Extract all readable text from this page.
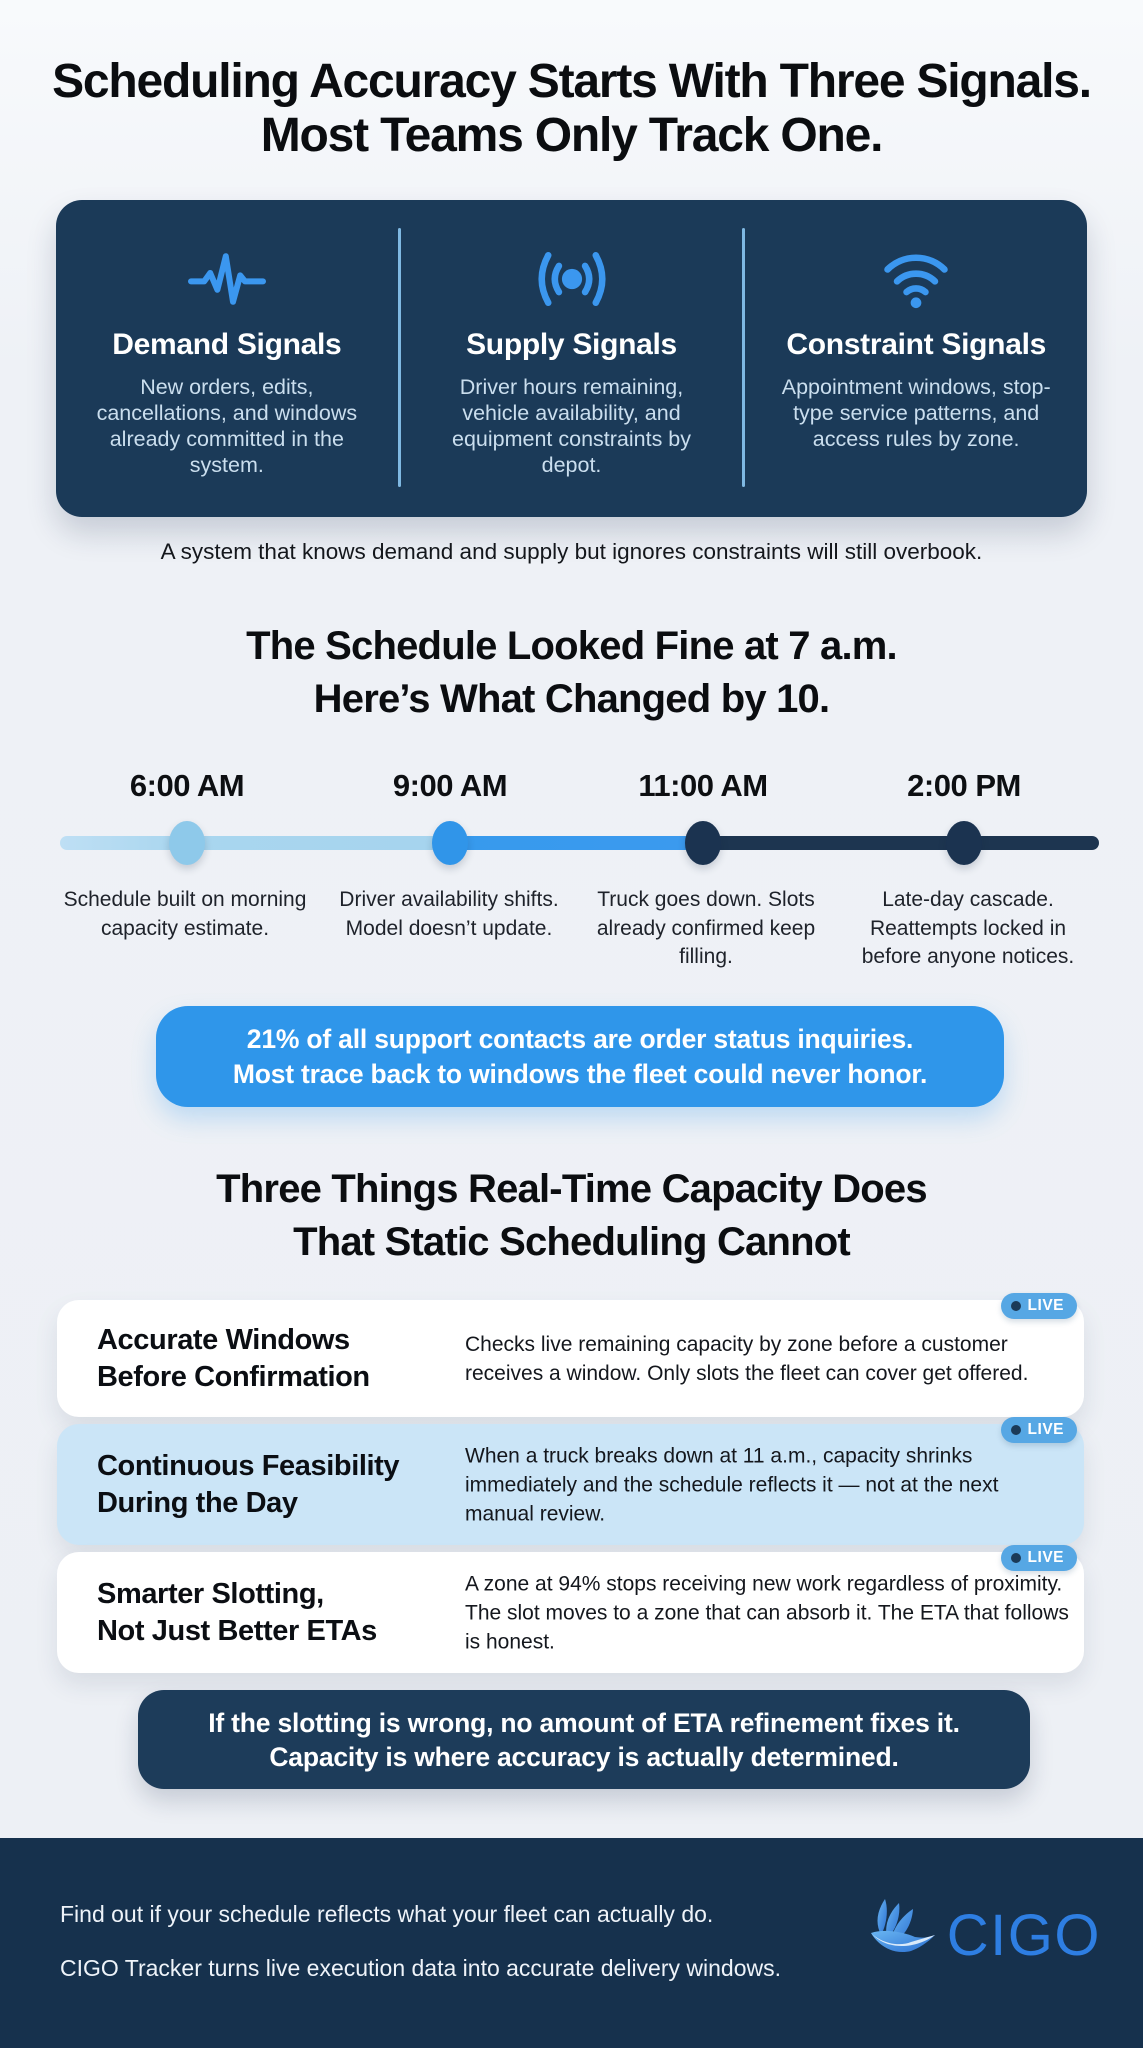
Scheduling Accuracy Starts With Three Signals.
Most Teams Only Track One.
Demand Signals
New orders, edits, cancellations, and windows already committed in the system.
Supply Signals
Driver hours remaining, vehicle availability, and equipment constraints by depot.
Constraint Signals
Appointment windows, stop-type service patterns, and access rules by zone.
A system that knows demand and supply but ignores constraints will still overbook.
The Schedule Looked Fine at 7 a.m.
Here’s What Changed by 10.
6:00 AM	9:00 AM	11:00 AM	2:00 PM
Schedule built on morning capacity estimate.
Driver availability shifts. Model doesn’t update.
Truck goes down. Slots already confirmed keep filling.
Late-day cascade. Reattempts locked in before anyone notices.
21% of all support contacts are order status inquiries.
Most trace back to windows the fleet could never honor.
Three Things Real-Time Capacity Does
That Static Scheduling Cannot
LIVE
Accurate Windows
Before Confirmation
Checks live remaining capacity by zone before a customer receives a window. Only slots the fleet can cover get offered.
LIVE
Continuous Feasibility
During the Day
When a truck breaks down at 11 a.m., capacity shrinks immediately and the schedule reflects it — not at the next manual review.
LIVE
Smarter Slotting,
Not Just Better ETAs
A zone at 94% stops receiving new work regardless of proximity. The slot moves to a zone that can absorb it. The ETA that follows is honest.
If the slotting is wrong, no amount of ETA refinement fixes it.
Capacity is where accuracy is actually determined.
Find out if your schedule reflects what your fleet can actually do.
CIGO Tracker turns live execution data into accurate delivery windows.	CIGO
